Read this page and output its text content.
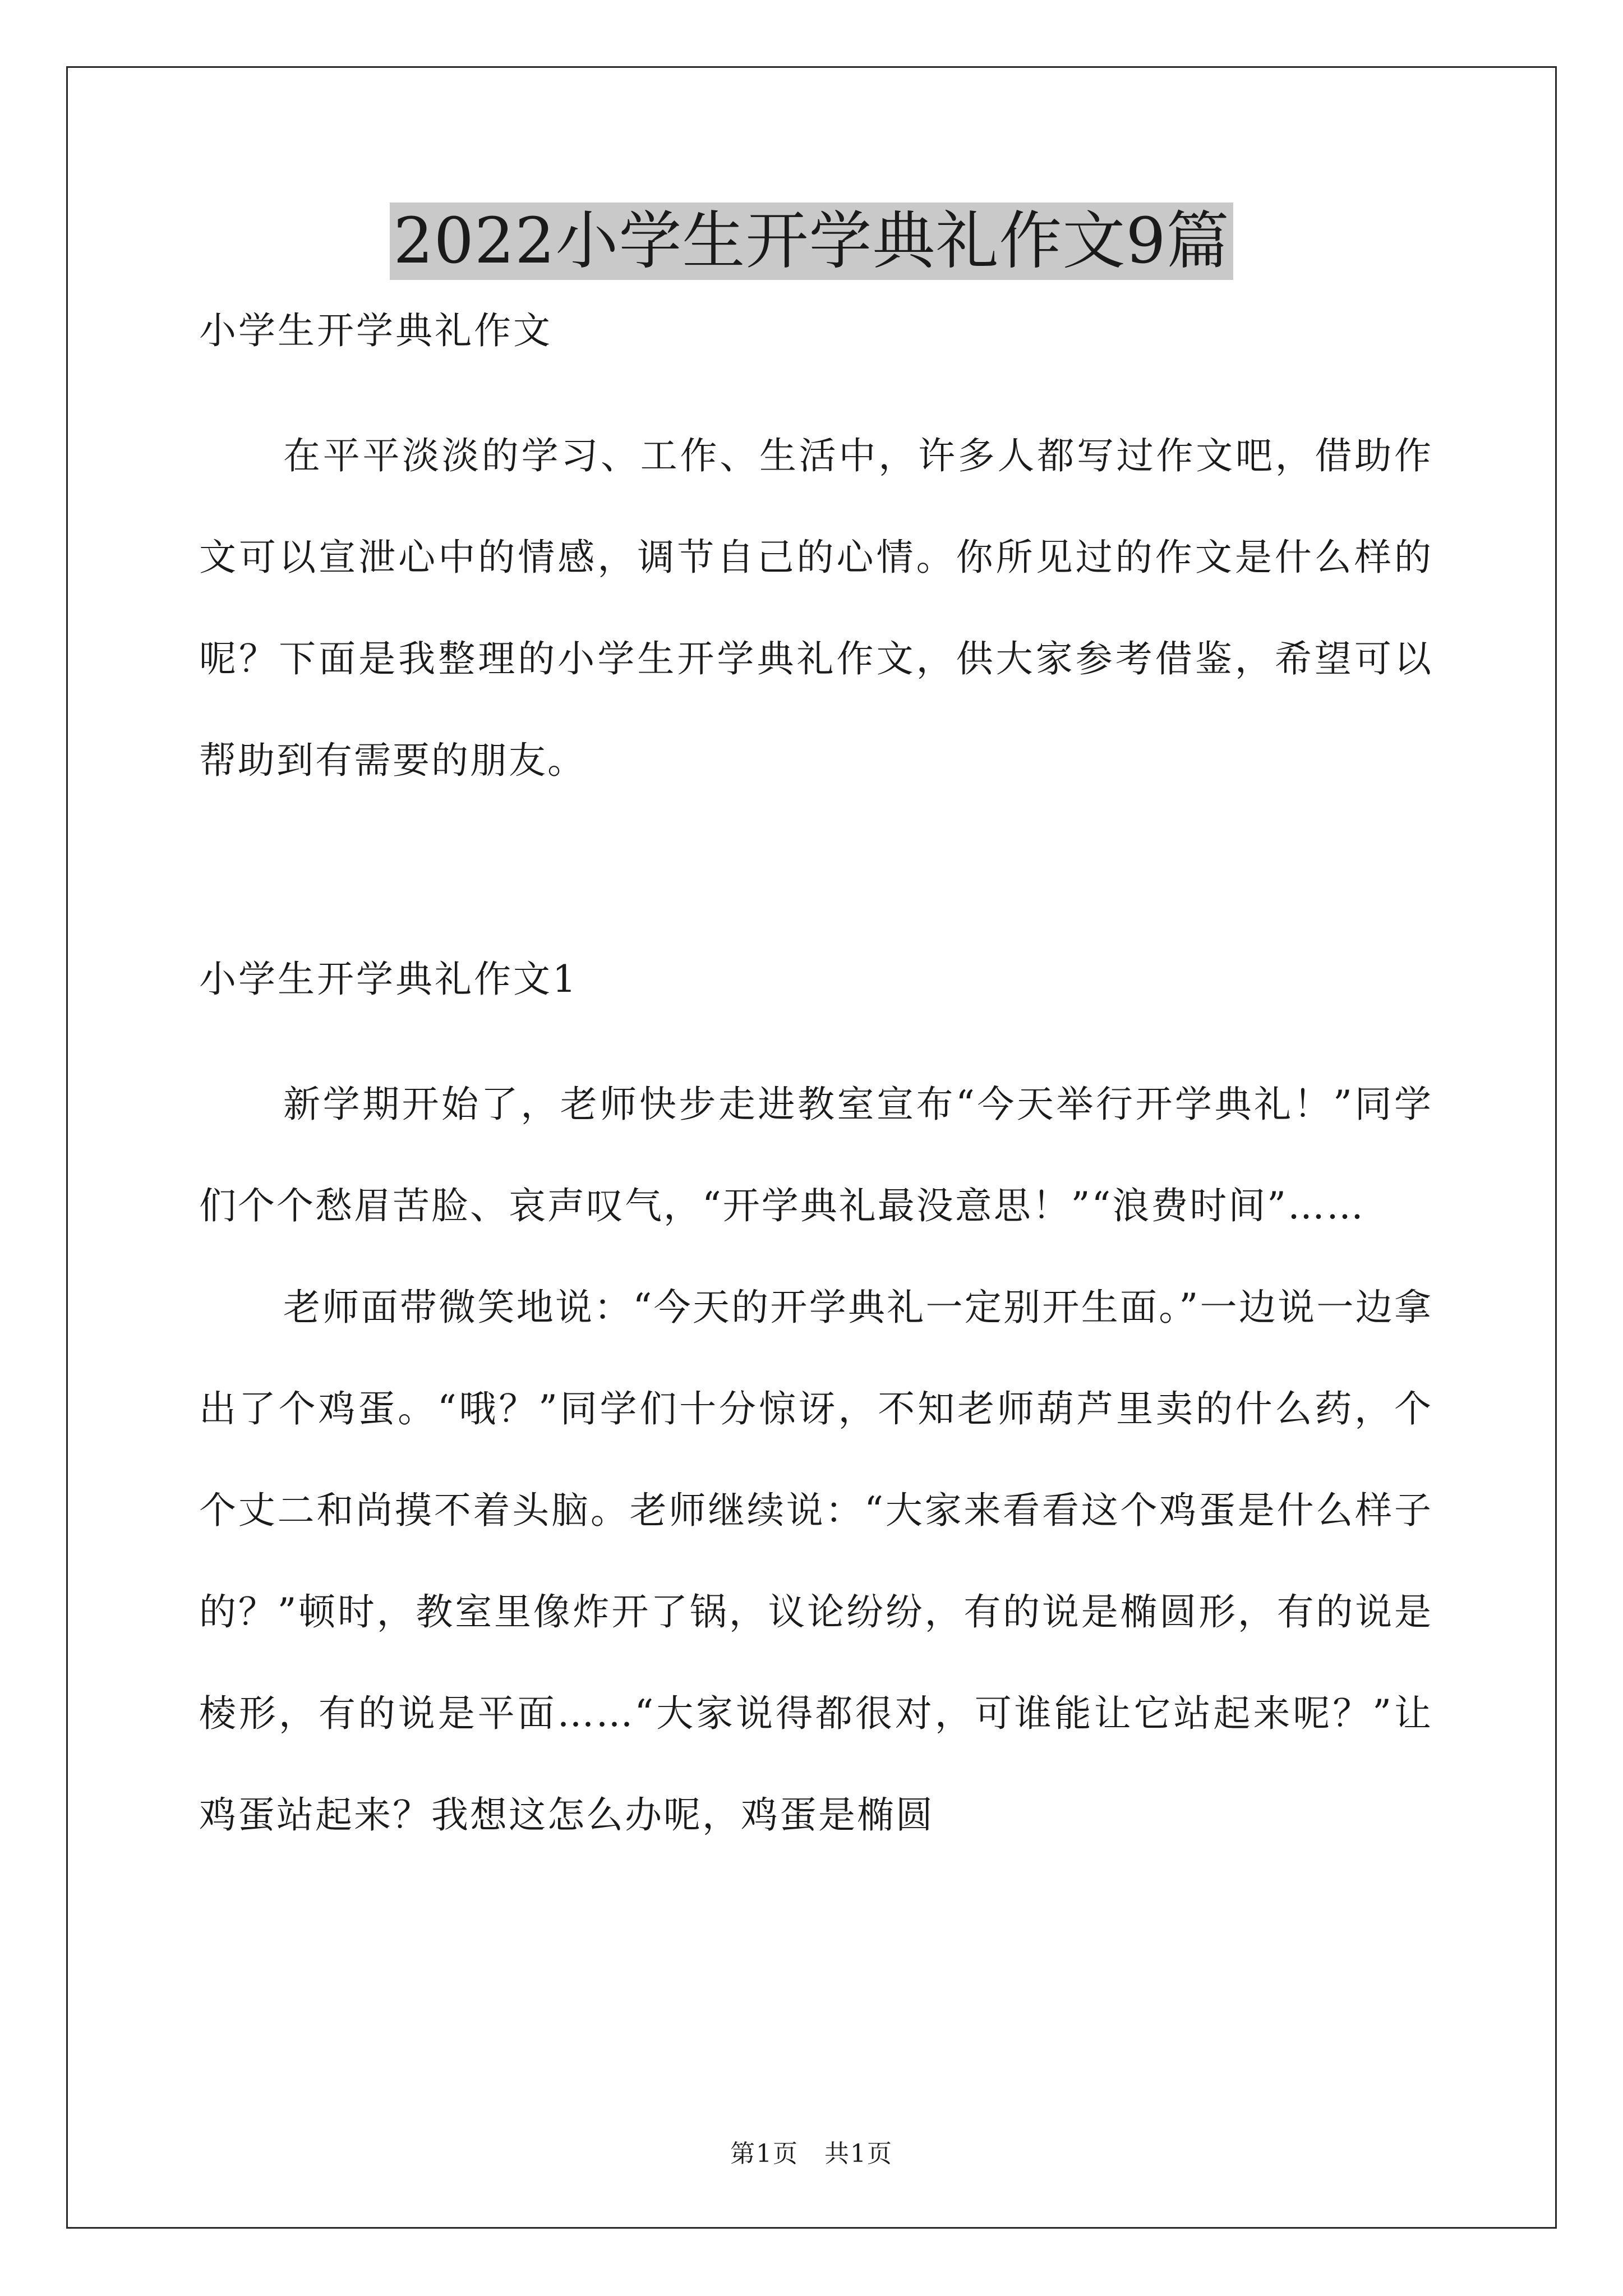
2022小学生开学典礼作文9篇

小学生开学典礼作文

在平平淡淡的学习、工作、生活中，许多人都写过作文吧，借助作文可以宣泄心中的情感，调节自己的心情。你所见过的作文是什么样的呢？下面是我整理的小学生开学典礼作文，供大家参考借鉴，希望可以帮助到有需要的朋友。

小学生开学典礼作文1

新学期开始了，老师快步走进教室宣布“今天举行开学典礼！”同学们个个愁眉苦脸、哀声叹气，“开学典礼最没意思！”“浪费时间”……

老师面带微笑地说：“今天的开学典礼一定别开生面。”一边说一边拿出了个鸡蛋。“哦？”同学们十分惊讶，不知老师葫芦里卖的什么药，个个丈二和尚摸不着头脑。老师继续说：“大家来看看这个鸡蛋是什么样子的？”顿时，教室里像炸开了锅，议论纷纷，有的说是椭圆形，有的说是棱形，有的说是平面……“大家说得都很对，可谁能让它站起来呢？”让鸡蛋站起来？我想这怎么办呢，鸡蛋是椭圆

第1页　共1页
